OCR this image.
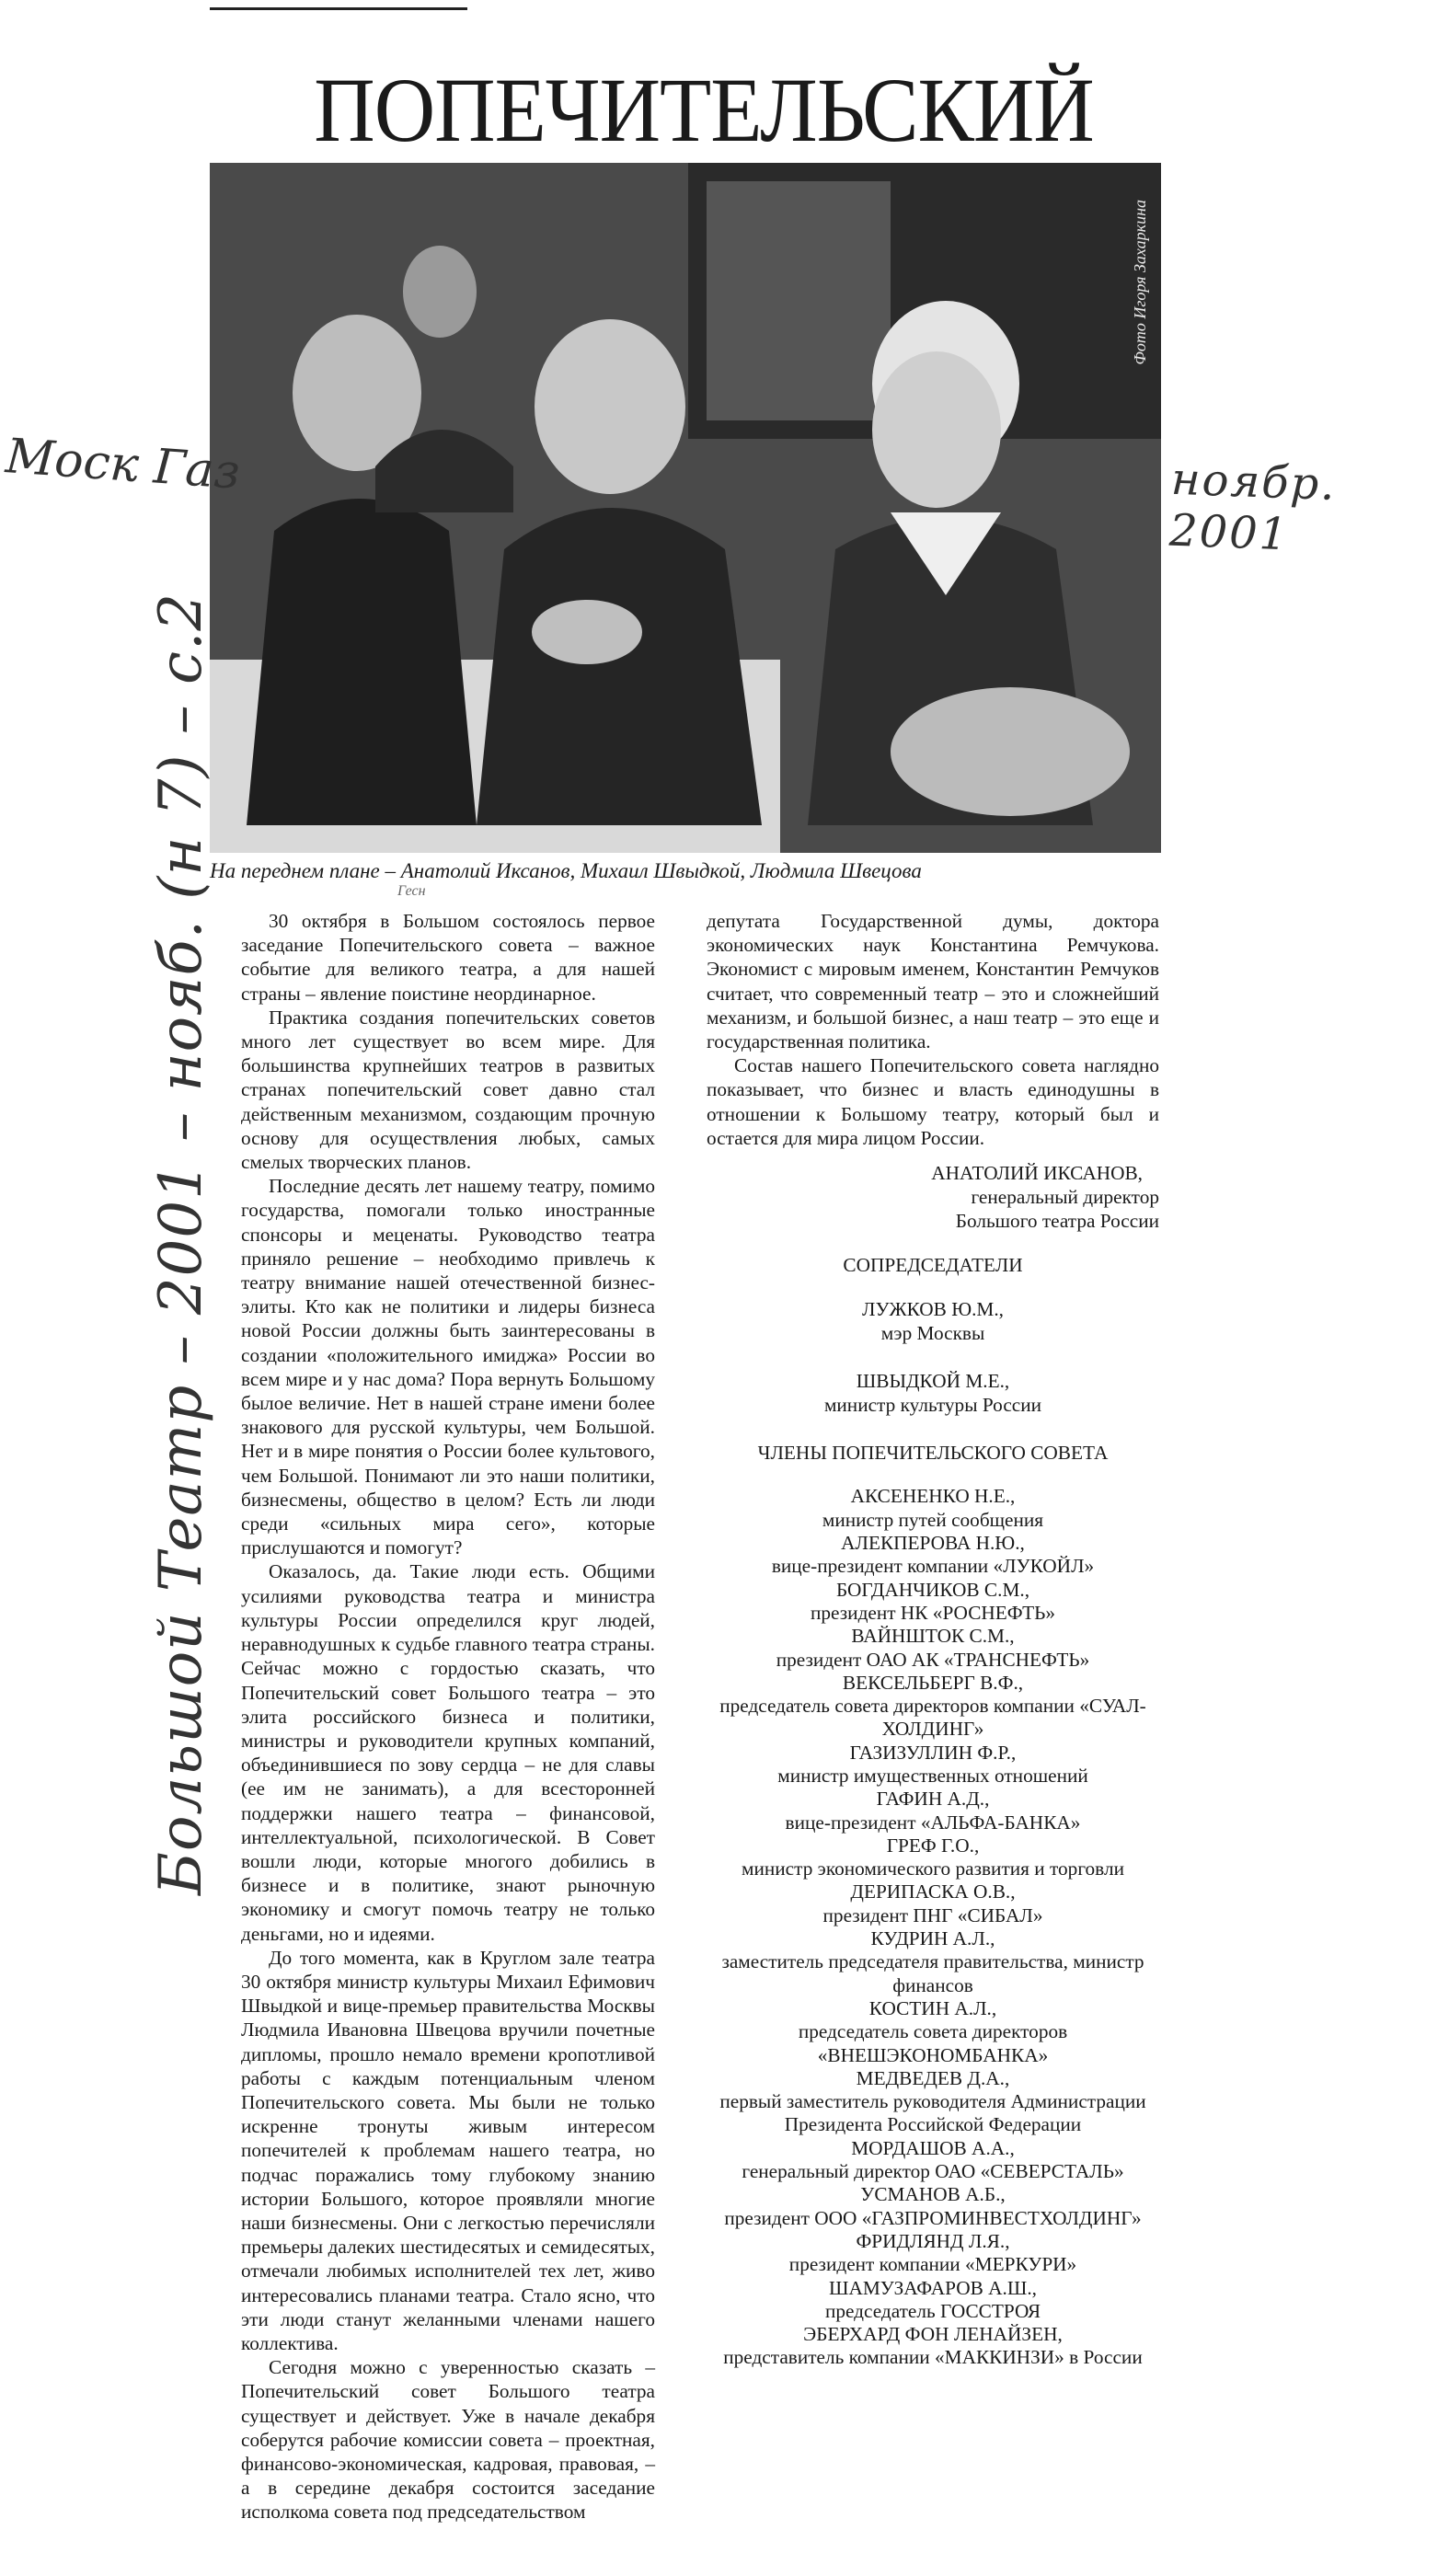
ПОПЕЧИТЕЛЬСКИЙ

Фото Игоря Захаркина
На переднем плане – Анатолий Иксанов, Михаил Швыдкой, Людмила Швецова
Гесн
Моск Газ	ноябр. 2001
Большой Театр – 2001 – нояб. (н 7) – с.2	30 октября в Большом состоялось первое заседание Попечительского совета – важное событие для великого театра, а для нашей страны – явление поистине неординарное.

Практика создания попечительских советов много лет существует во всем мире. Для большинства крупнейших театров в развитых странах попечительский совет давно стал действенным механизмом, создающим прочную основу для осуществления любых, самых смелых творческих планов.

Последние десять лет нашему театру, помимо государства, помогали только иностранные спонсоры и меценаты. Руководство театра приняло решение – необходимо привлечь к театру внимание нашей отечественной бизнес-элиты. Кто как не политики и лидеры бизнеса новой России должны быть заинтересованы в создании «положительного имиджа» России во всем мире и у нас дома? Пора вернуть Большому былое величие. Нет в нашей стране имени более знакового для русской культуры, чем Большой. Нет и в мире понятия о России более культового, чем Большой. Понимают ли это наши политики, бизнесмены, общество в целом? Есть ли люди среди «сильных мира сего», которые прислушаются и помогут?

Оказалось, да. Такие люди есть. Общими усилиями руководства театра и министра культуры России определился круг людей, неравнодушных к судьбе главного театра страны. Сейчас можно с гордостью сказать, что Попечительский совет Большого театра – это элита российского бизнеса и политики, министры и руководители крупных компаний, объединившиеся по зову сердца – не для славы (ее им не занимать), а для всесторонней поддержки нашего театра – финансовой, интеллектуальной, психологической. В Совет вошли люди, которые многого добились в бизнесе и в политике, знают рыночную экономику и смогут помочь театру не только деньгами, но и идеями.

До того момента, как в Круглом зале театра 30 октября министр культуры Михаил Ефимович Швыдкой и вице-премьер правительства Москвы Людмила Ивановна Швецова вручили почетные дипломы, прошло немало времени кропотливой работы с каждым потенциальным членом Попечительского совета. Мы были не только искренне тронуты живым интересом попечителей к проблемам нашего театра, но подчас поражались тому глубокому знанию истории Большого, которое проявляли многие наши бизнесмены. Они с легкостью перечисляли премьеры далеких шестидесятых и семидесятых, отмечали любимых исполнителей тех лет, живо интересовались планами театра. Стало ясно, что эти люди станут желанными членами нашего коллектива.

Сегодня можно с уверенностью сказать – Попечительский совет Большого театра существует и действует. Уже в начале декабря соберутся рабочие комиссии совета – проектная, финансово-экономическая, кадровая, правовая, – а в середине декабря состоится заседание исполкома совета под председательством

депутата Государственной думы, доктора экономических наук Константина Ремчукова. Экономист с мировым именем, Константин Ремчуков считает, что современный театр – это и сложнейший механизм, и большой бизнес, а наш театр – это еще и государственная политика.

Состав нашего Попечительского совета наглядно показывает, что бизнес и власть единодушны в отношении к Большому театру, который был и остается для мира лицом России.

АНАТОЛИЙ ИКСАНОВ,
генеральный директор
Большого театра России
СОПРЕДСЕДАТЕЛИ
ЛУЖКОВ Ю.М.,
мэр Москвы
ШВЫДКОЙ М.Е.,
министр культуры России
ЧЛЕНЫ ПОПЕЧИТЕЛЬСКОГО СОВЕТА
АКСЕНЕНКО Н.Е.,
министр путей сообщения
АЛЕКПЕРОВА Н.Ю.,
вице-президент компании «ЛУКОЙЛ»
БОГДАНЧИКОВ С.М.,
президент НК «РОСНЕФТЬ»
ВАЙНШТОК С.М.,
президент ОАО АК «ТРАНСНЕФТЬ»
ВЕКСЕЛЬБЕРГ В.Ф.,
председатель совета директоров компании «СУАЛ-ХОЛДИНГ»
ГАЗИЗУЛЛИН Ф.Р.,
министр имущественных отношений
ГАФИН А.Д.,
вице-президент «АЛЬФА-БАНКА»
ГРЕФ Г.О.,
министр экономического развития и торговли
ДЕРИПАСКА О.В.,
президент ПНГ «СИБАЛ»
КУДРИН А.Л.,
заместитель председателя правительства, министр финансов
КОСТИН А.Л.,
председатель совета директоров «ВНЕШЭКОНОМБАНКА»
МЕДВЕДЕВ Д.А.,
первый заместитель руководителя Администрации Президента Российской Федерации
МОРДАШОВ А.А.,
генеральный директор ОАО «СЕВЕРСТАЛЬ»
УСМАНОВ А.Б.,
президент ООО «ГАЗПРОМИНВЕСТХОЛДИНГ»
ФРИДЛЯНД Л.Я.,
президент компании «МЕРКУРИ»
ШАМУЗАФАРОВ А.Ш.,
председатель ГОССТРОЯ
ЭБЕРХАРД ФОН ЛЕНАЙЗЕН,
представитель компании «МАККИНЗИ» в России
